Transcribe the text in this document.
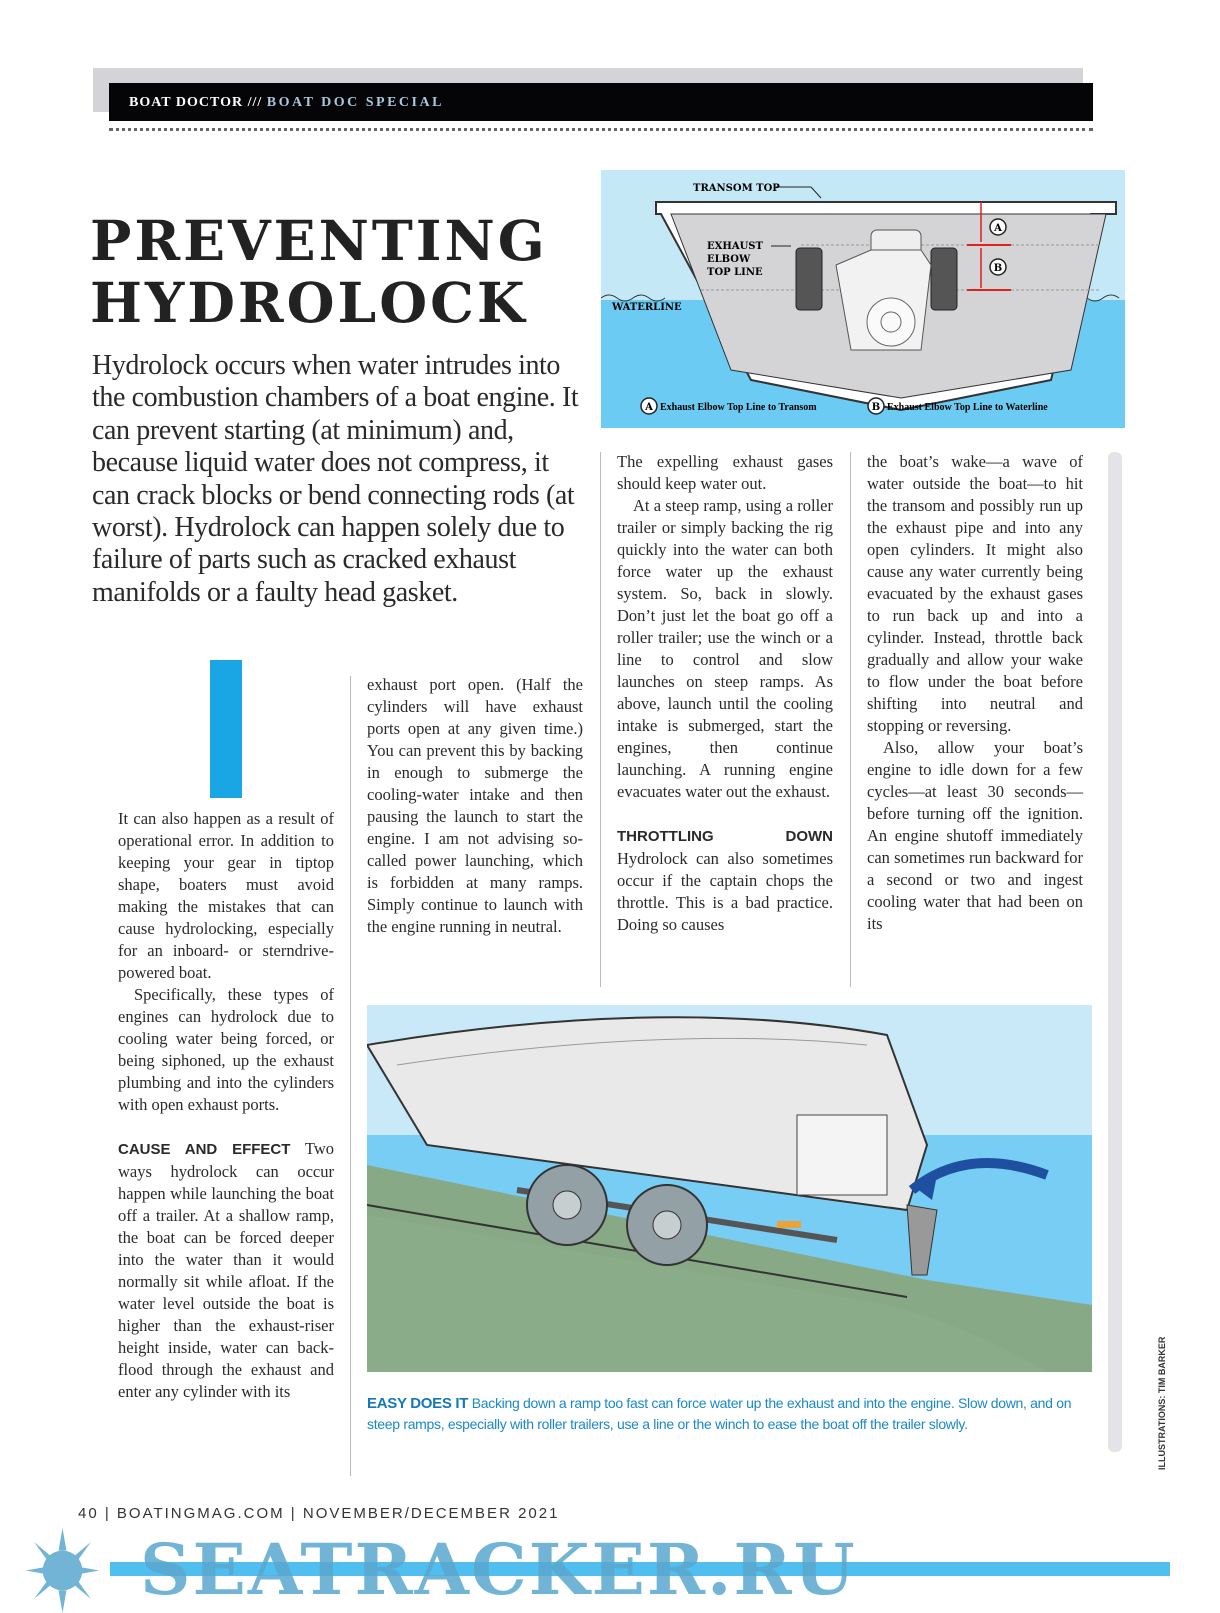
BOAT DOCTOR /// BOAT DOC SPECIAL
PREVENTING HYDROLOCK

Hydrolock occurs when water intrudes into the combustion chambers of a boat engine. It can prevent starting (at minimum) and, because liquid water does not compress, it can crack blocks or bend connecting rods (at worst). Hydrolock can happen solely due to failure of parts such as cracked exhaust manifolds or a faulty head gasket.

A
B
TRANSOM TOP
EXHAUST
ELBOW
TOP LINE
WATERLINE
A Exhaust Elbow Top Line to Transom	B Exhaust Elbow Top Line to Waterline

It can also happen as a result of operational error. In addition to keeping your gear in tiptop shape, boaters must avoid making the mistakes that can cause hydrolocking, especially for an inboard- or sterndrive-powered boat.

Specifically, these types of engines can hydrolock due to cooling water being forced, or being siphoned, up the exhaust plumbing and into the cylinders with open exhaust ports.

CAUSE AND EFFECT Two ways hydrolock can occur happen while launching the boat off a trailer. At a shallow ramp, the boat can be forced deeper into the water than it would normally sit while afloat. If the water level outside the boat is higher than the exhaust-riser height inside, water can back-flood through the exhaust and enter any cylinder with its

exhaust port open. (Half the cylinders will have exhaust ports open at any given time.) You can prevent this by backing in enough to submerge the cooling-water intake and then pausing the launch to start the engine. I am not advising so-called power launching, which is forbidden at many ramps. Simply continue to launch with the engine running in neutral.

The expelling exhaust gases should keep water out.

At a steep ramp, using a roller trailer or simply backing the rig quickly into the water can both force water up the exhaust system. So, back in slowly. Don’t just let the boat go off a roller trailer; use the winch or a line to control and slow launches on steep ramps. As above, launch until the cooling intake is submerged, start the engines, then continue launching. A running engine evacuates water out the exhaust.

THROTTLING DOWN Hydrolock can also sometimes occur if the captain chops the throttle. This is a bad practice. Doing so causes

the boat’s wake—a wave of water outside the boat—to hit the transom and possibly run up the exhaust pipe and into any open cylinders. It might also cause any water currently being evacuated by the exhaust gases to run back up and into a cylinder. Instead, throttle back gradually and allow your wake to flow under the boat before shifting into neutral and stopping or reversing.

Also, allow your boat’s engine to idle down for a few cycles—at least 30 seconds—before turning off the ignition. An engine shutoff immediately can sometimes run backward for a second or two and ingest cooling water that had been on its

EASY DOES IT Backing down a ramp too fast can force water up the exhaust and into the engine. Slow down, and on steep ramps, especially with roller trailers, use a line or the winch to ease the boat off the trailer slowly.	ILLUSTRATIONS: TIM BARKER
40 | BOATINGMAG.COM | NOVEMBER/DECEMBER 2021
SEATRACKER.RU
